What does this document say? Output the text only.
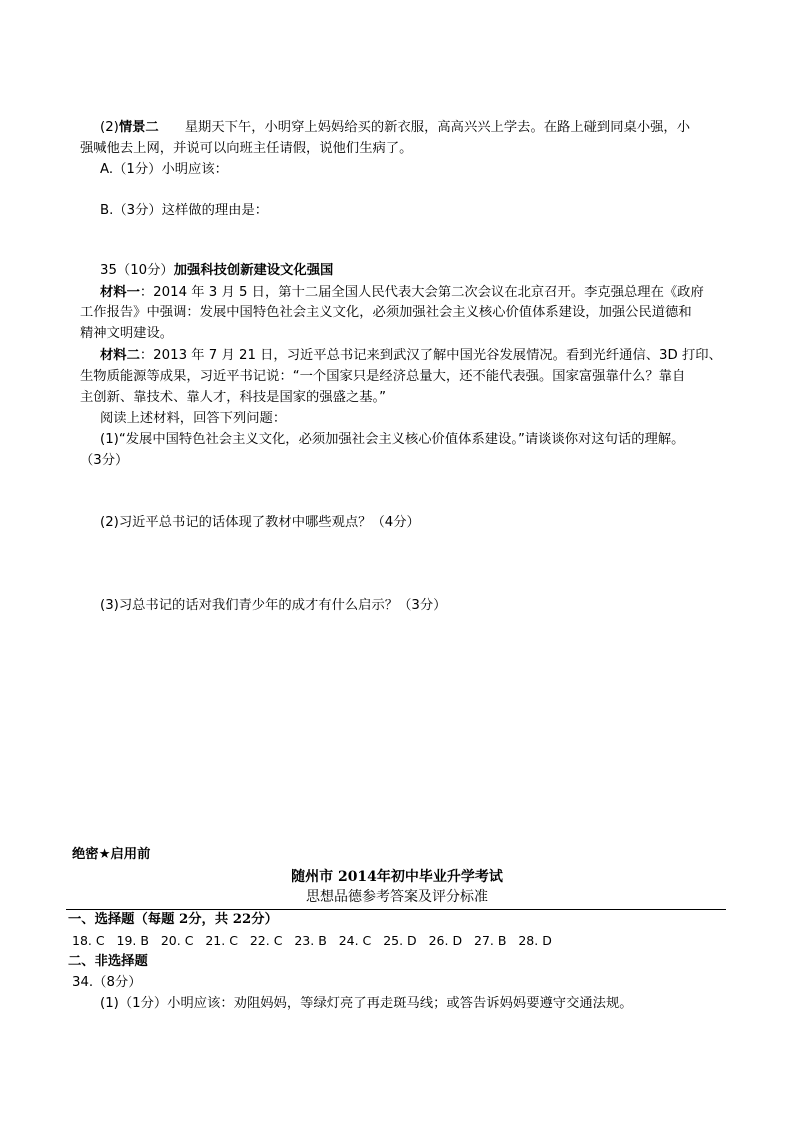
(2)情景二 星期天下午，小明穿上妈妈给买的新衣服，高高兴兴上学去。在路上碰到同桌小强，小
强喊他去上网，并说可以向班主任请假，说他们生病了。
A.（1分）小明应该：
B.（3分）这样做的理由是：
35（10分）加强科技创新建设文化强国
材料一：2014 年 3 月 5 日，第十二届全国人民代表大会第二次会议在北京召开。李克强总理在《政府
工作报告》中强调：发展中国特色社会主义文化，必须加强社会主义核心价值体系建设，加强公民道德和
精神文明建设。
材料二：2013 年 7 月 21 日，习近平总书记来到武汉了解中国光谷发展情况。看到光纤通信、3D 打印、
生物质能源等成果，习近平书记说：“一个国家只是经济总量大，还不能代表强。国家富强靠什么？靠自
主创新、靠技术、靠人才，科技是国家的强盛之基。”
阅读上述材料，回答下列问题：
(1)“发展中国特色社会主义文化，必须加强社会主义核心价值体系建设。”请谈谈你对这句话的理解。
（3分）
(2)习近平总书记的话体现了教材中哪些观点？（4分）
(3)习总书记的话对我们青少年的成才有什么启示？（3分）
绝密★启用前
随州市 2014年初中毕业升学考试
思想品德参考答案及评分标准
一、选择题（每题 2分，共 22分）
18. C   19. B   20. C   21. C   22. C   23. B   24. C   25. D   26. D   27. B   28. D
二、非选择题
34.（8分）
(1)（1分）小明应该：劝阻妈妈，等绿灯亮了再走斑马线；或答告诉妈妈要遵守交通法规。
